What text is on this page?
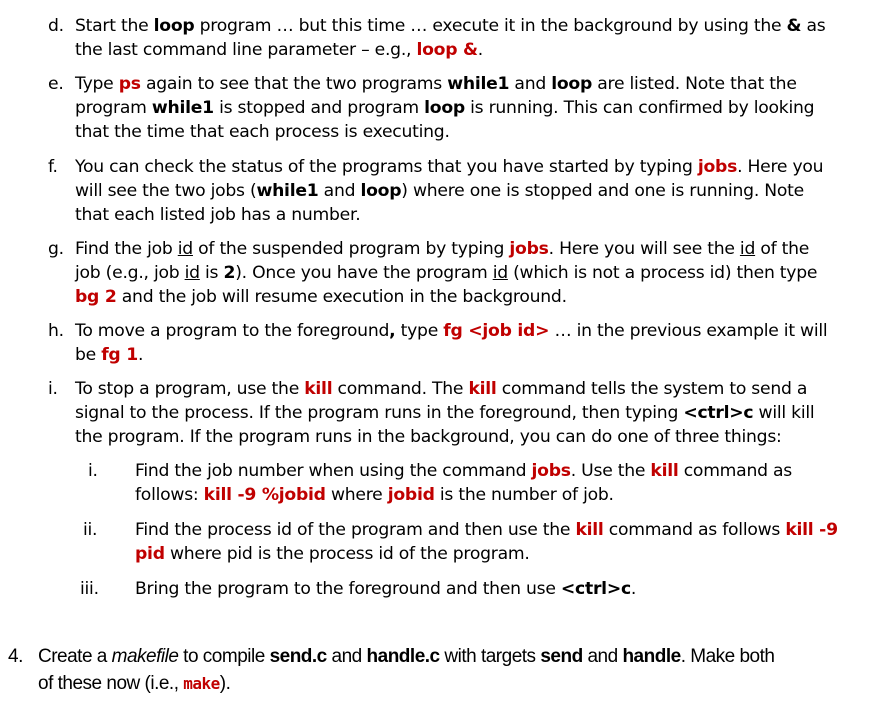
d. Start the loop program … but this time … execute it in the background by using the & as
the last command line parameter – e.g., loop &.
e. Type ps again to see that the two programs while1 and loop are listed. Note that the
program while1 is stopped and program loop is running. This can confirmed by looking
that the time that each process is executing.
f. You can check the status of the programs that you have started by typing jobs. Here you
will see the two jobs (while1 and loop) where one is stopped and one is running. Note
that each listed job has a number.
g. Find the job id of the suspended program by typing jobs. Here you will see the id of the
job (e.g., job id is 2). Once you have the program id (which is not a process id) then type
bg 2 and the job will resume execution in the background.
h. To move a program to the foreground, type fg <job id> … in the previous example it will
be fg 1.
i. To stop a program, use the kill command. The kill command tells the system to send a
signal to the process. If the program runs in the foreground, then typing <ctrl>c will kill
the program. If the program runs in the background, you can do one of three things:
i. Find the job number when using the command jobs. Use the kill command as
follows: kill -9 %jobid where jobid is the number of job.
ii. Find the process id of the program and then use the kill command as follows kill -9
pid where pid is the process id of the program.
iii. Bring the program to the foreground and then use <ctrl>c.
4. Create a makefile to compile send.c and handle.c with targets send and handle. Make both
of these now (i.e., make).
